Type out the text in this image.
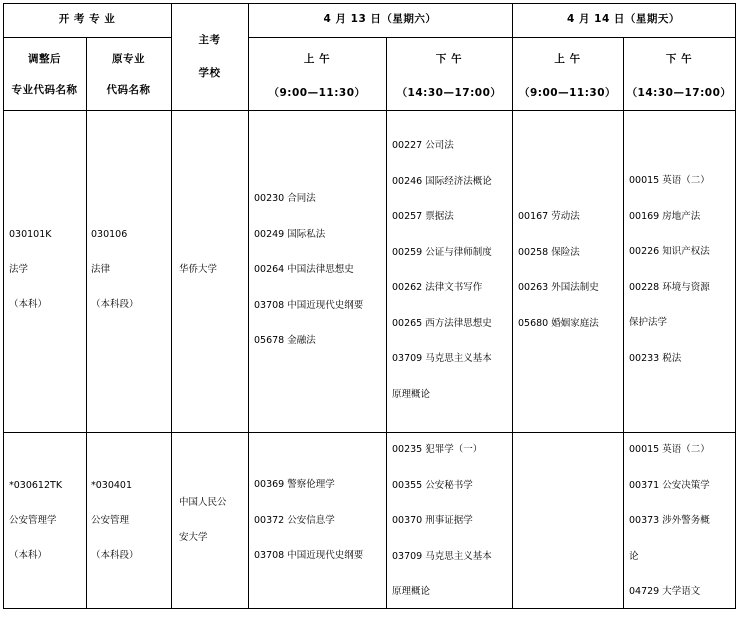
开 考 专 业
调整后
专业代码名称
原专业
代码名称
主考
学校
4 月 13 日（星期六）	4 月 14 日（星期天）
上 午
（9:00—11:30）
下 午
（14:30—17:00）
上 午
（9:00—11:30）
下 午
（14:30—17:00）
030101K
法学
（本科）
030106
法律
（本科段）
华侨大学
00230 合同法
00249 国际私法
00264 中国法律思想史
03708 中国近现代史纲要
05678 金融法
00227 公司法
00246 国际经济法概论
00257 票据法
00259 公证与律师制度
00262 法律文书写作
00265 西方法律思想史
03709 马克思主义基本
原理概论
00167 劳动法
00258 保险法
00263 外国法制史
05680 婚姻家庭法
00015 英语（二）
00169 房地产法
00226 知识产权法
00228 环境与资源
保护法学
00233 税法
*030612TK
公安管理学
（本科）
*030401
公安管理
（本科段）
中国人民公
安大学
00369 警察伦理学
00372 公安信息学
03708 中国近现代史纲要
00235 犯罪学（一）
00355 公安秘书学
00370 刑事证据学
03709 马克思主义基本
原理概论
00015 英语（二）
00371 公安决策学
00373 涉外警务概
论
04729 大学语文
